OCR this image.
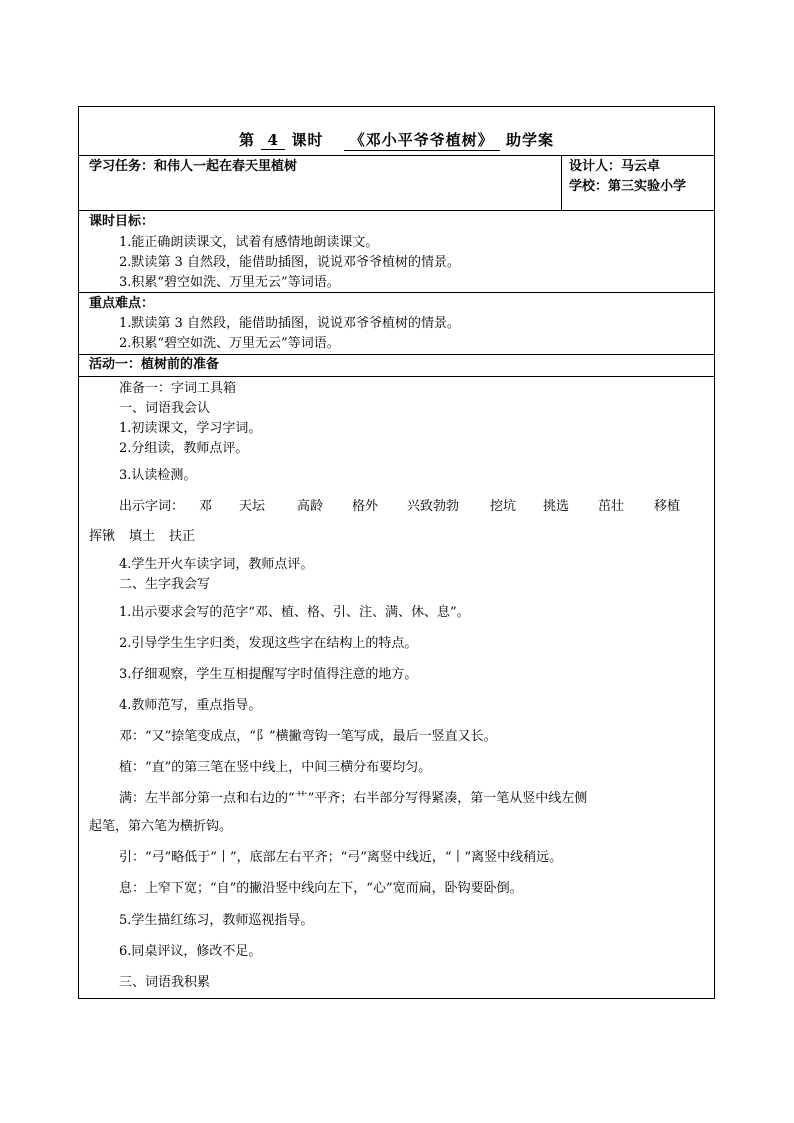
第 4 课时 《邓小平爷爷植树》 助学案
学习任务：和伟人一起在春天里植树	设计人：马云卓
学校：第三实验小学
课时目标：
1.能正确朗读课文，试着有感情地朗读课文。
2.默读第 3 自然段，能借助插图，说说邓爷爷植树的情景。
3.积累“碧空如洗、万里无云”等词语。
重点难点：
1.默读第 3 自然段，能借助插图，说说邓爷爷植树的情景。
2.积累“碧空如洗、万里无云”等词语。
活动一：植树前的准备
准备一：字词工具箱
一、词语我会认
1.初读课文，学习字词。
2.分组读，教师点评。
3.认读检测。
出示字词： 邓 天坛 高龄 格外 兴致勃勃 挖坑 挑选 茁壮 移植
挥锹 填土 扶正
4.学生开火车读字词，教师点评。
二、生字我会写
1.出示要求会写的范字“邓、植、格、引、注、满、休、息”。
2.引导学生生字归类，发现这些字在结构上的特点。
3.仔细观察，学生互相提醒写字时值得注意的地方。
4.教师范写，重点指导。
邓：“又”捺笔变成点，“阝”横撇弯钩一笔写成，最后一竖直又长。
植：“直”的第三笔在竖中线上，中间三横分布要均匀。
满：左半部分第一点和右边的“艹”平齐；右半部分写得紧凑，第一笔从竖中线左侧
起笔，第六笔为横折钩。
引：“弓”略低于“丨”，底部左右平齐；“弓”离竖中线近，“丨”离竖中线稍远。
息：上窄下宽；“自”的撇沿竖中线向左下，“心”宽而扁，卧钩要卧倒。
5.学生描红练习，教师巡视指导。
6.同桌评议，修改不足。
三、词语我积累
